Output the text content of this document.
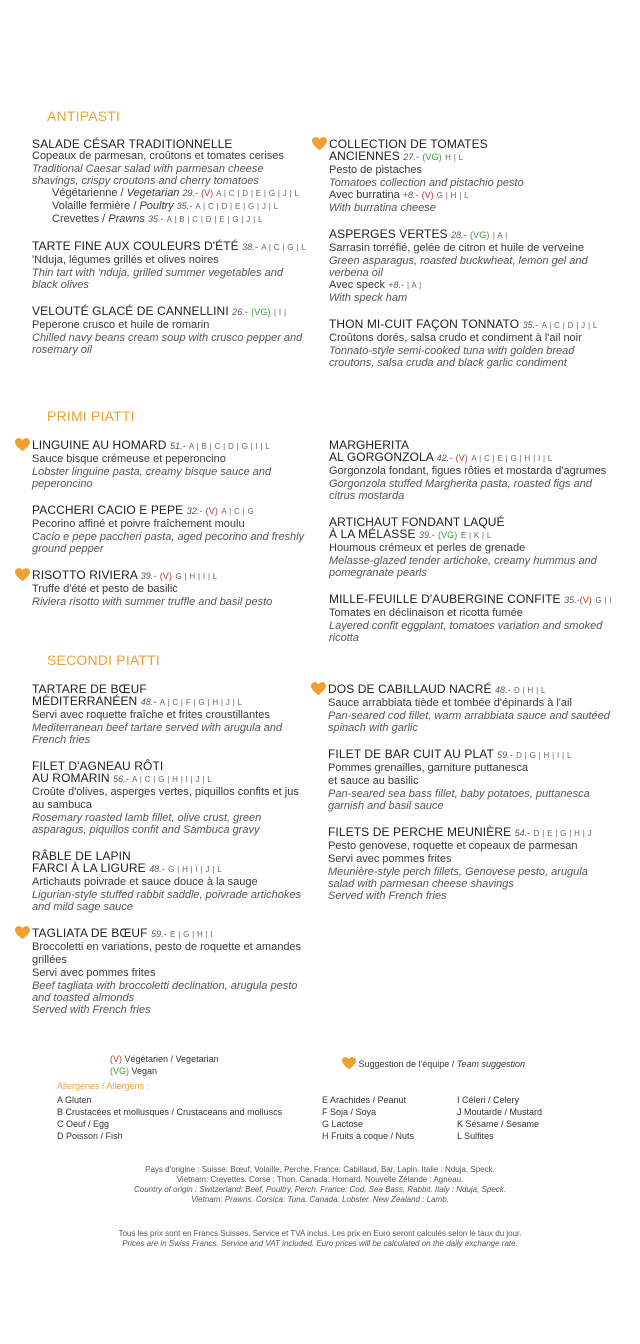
ANTIPASTI
SALADE CÉSAR TRADITIONNELLE
Copeaux de parmesan, croûtons et tomates cerises
Traditional Caesar salad with parmesan cheese shavings, crispy croutons and cherry tomatoes
Végétarienne / Vegetarian 29.- (V) A | C | D | E | G | J | L
Volaille fermière / Poultry 35.- A | C | D | E | G | J | L
Crevettes / Prawns 35.- A | B | C | D | E | G | J | L
TARTE FINE AUX COULEURS D'ÉTÉ 38.- A | C | G | L
'Nduja, légumes grillés et olives noires
Thin tart with 'nduja, grilled summer vegetables and black olives
VELOUTÉ GLACÉ DE CANNELLINI 26.- (VG) | I |
Peperone crusco et huile de romarin
Chilled navy beans cream soup with crusco pepper and rosemary oil
COLLECTION DE TOMATES
ANCIENNES 27.- (VG) H | L
Pesto de pistaches
Tomatoes collection and pistachio pesto
Avec burratina +8.- (V) G | H | L
With burratina cheese
ASPERGES VERTES 28.- (VG) | A |
Sarrasin torréfié, gelée de citron et huile de verveine
Green asparagus, roasted buckwheat, lemon gel and verbena oil
Avec speck +8.- | A |
With speck ham
THON MI-CUIT FAÇON TONNATO 35.- A | C | D | J | L
Croûtons dorés, salsa crudo et condiment à l'ail noir
Tonnato-style semi-cooked tuna with golden bread croutons, salsa cruda and black garlic condiment
PRIMI PIATTI
LINGUINE AU HOMARD 51.- A | B | C | D | G | I | L
Sauce bisque crémeuse et peperoncino
Lobster linguine pasta, creamy bisque sauce and peperoncino
PACCHERI CACIO E PEPE 32.- (V) A | C | G
Pecorino affiné et poivre fraîchement moulu
Cacio e pepe paccheri pasta, aged pecorino and freshly ground pepper
RISOTTO RIVIERA 39.- (V) G | H | I | L
Truffe d'été et pesto de basilic
Riviera risotto with summer truffle and basil pesto
MARGHERITA
AL GORGONZOLA 42.- (V) A | C | E | G | H | I | L
Gorgonzola fondant, figues rôties et mostarda d'agrumes
Gorgonzola stuffed Margherita pasta, roasted figs and citrus mostarda
ARTICHAUT FONDANT LAQUÉ
À LA MÉLASSE 39.- (VG) E | K | L
Houmous crémeux et perles de grenade
Melasse-glazed tender artichoke, creamy hummus and pomegranate pearls
MILLE-FEUILLE D'AUBERGINE CONFITE 35.-(V) G | I
Tomates en déclinaison et ricotta fumée
Layered confit eggplant, tomatoes variation and smoked ricotta
SECONDI PIATTI
TARTARE DE BŒUF
MÉDITERRANÉEN 48.- A | C | F | G | H | J | L
Servi avec roquette fraîche et frites croustillantes
Mediterranean beef tartare served with arugula and French fries
FILET D'AGNEAU RÔTI
AU ROMARIN 56.- A | C | G | H | I | J | L
Croûte d'olives, asperges vertes, piquillos confits et jus au sambuca
Rosemary roasted lamb fillet, olive crust, green asparagus, piquillos confit and Sambuca gravy
RÂBLE DE LAPIN
FARCI À LA LIGURE 48.- G | H | I | J | L
Artichauts poivrade et sauce douce à la sauge
Ligurian-style stuffed rabbit saddle, poivrade artichokes and mild sage sauce
TAGLIATA DE BŒUF 59.- E | G | H | I
Broccoletti en variations, pesto de roquette et amandes grillées
Servi avec pommes frites
Beef tagliata with broccoletti declination, arugula pesto and toasted almonds
Served with French fries
DOS DE CABILLAUD NACRÉ 48.- D | H | L
Sauce arrabbiata tiède et tombée d'épinards à l'ail
Pan-seared cod fillet, warm arrabbiata sauce and sautéed spinach with garlic
FILET DE BAR CUIT AU PLAT 59.- D | G | H | I | L
Pommes grenailles, garniture puttanesca
et sauce au basilic
Pan-seared sea bass fillet, baby potatoes, puttanesca garnish and basil sauce
FILETS DE PERCHE MEUNIÈRE 54.- D | E | G | H | J
Pesto genovese, roquette et copeaux de parmesan
Servi avec pommes frites
Meunière-style perch fillets, Genovese pesto, arugula salad with parmesan cheese shavings
Served with French fries
(V) Végétarien / Vegetarian
(VG) Vegan
Suggestion de l'équipe / Team suggestion
Allergènes / Allergens :
A Gluten
B Crustacées et mollusques / Crustaceans and molluscs
C Oeuf / Egg
D Poisson / Fish
E Arachides / Peanut
F Soja / Soya
G Lactose
H Fruits à coque / Nuts
I Céleri / Celery
J Moutarde / Mustard
K Sésame / Sesame
L Sulfites
Pays d'origine : Suisse: Bœuf, Volaille, Perche. France: Cabillaud, Bar, Lapin. Italie : Nduja, Speck.
Vietnam: Crevettes. Corse : Thon. Canada: Homard. Nouvelle Zélande : Agneau.
Country of origin : Switzerland: Beef, Poultry, Perch. France: Cod, Sea Bass, Rabbit. Italy : Nduja, Speck.
Vietnam: Prawns. Corsica: Tuna. Canada: Lobster. New Zealand : Lamb.
Tous les prix sont en Francs Suisses. Service et TVA inclus. Les prix en Euro seront calculés selon le taux du jour.
Prices are in Swiss Francs. Service and VAT included. Euro prices will be calculated on the daily exchange rate.
